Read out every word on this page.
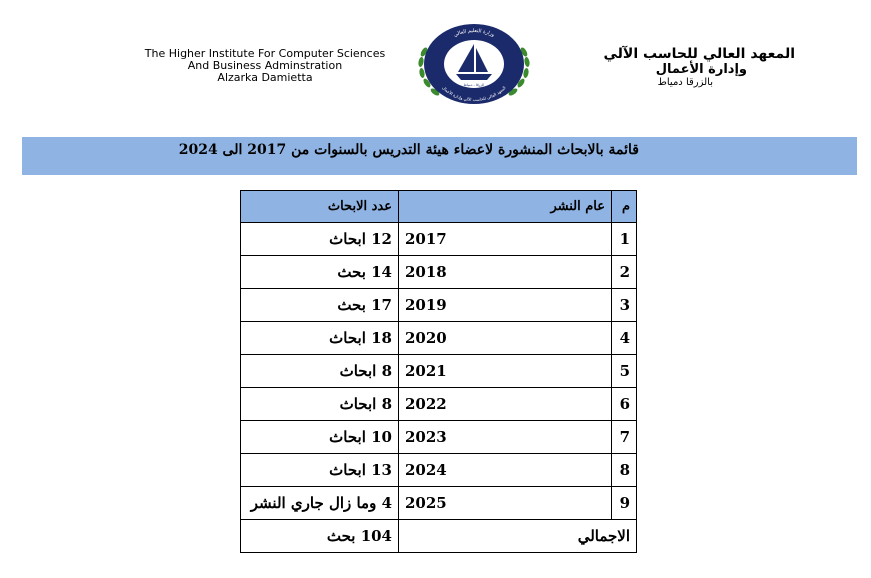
The Higher Institute For Computer Sciences
And Business Adminstration
Alzarka Damietta
وزارة التعليم العالي
المعهد العالي للحاسب الآلي وإدارة الأعمال
الزرقا - دمياط
المعهد العالي للحاسب الآلي
وإدارة الأعمال
بالزرقا دمياط
قائمة بالابحاث المنشورة لاعضاء هيئة التدريس بالسنوات من 2017 الى 2024
م	عام النشر	عدد الابحاث
1	2017	12 ابحاث
2	2018	14 بحث
3	2019	17 بحث
4	2020	18 ابحاث
5	2021	8 ابحاث
6	2022	8 ابحاث
7	2023	10 ابحاث
8	2024	13 ابحاث
9	2025	4 وما زال جاري النشر
الاجمالي		104 بحث
